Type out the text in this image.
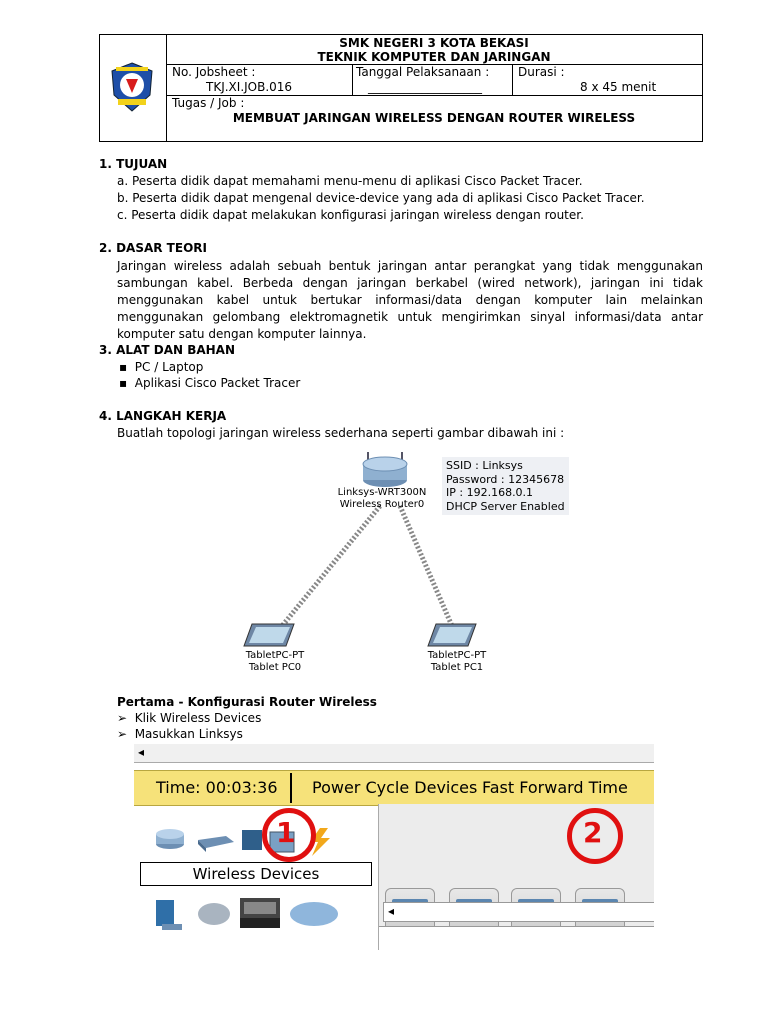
SMK NEGERI 3 KOTA BEKASI
TEKNIK KOMPUTER DAN JARINGAN
No. Jobsheet :
TKJ.XI.JOB.016
Tanggal Pelaksanaan :
___________________
Durasi :
8 x 45 menit
Tugas / Job :
MEMBUAT JARINGAN WIRELESS DENGAN ROUTER WIRELESS
1. TUJUAN
a. Peserta didik dapat memahami menu-menu di aplikasi Cisco Packet Tracer.
b. Peserta didik dapat mengenal device-device yang ada di aplikasi Cisco Packet Tracer.
c. Peserta didik dapat melakukan konfigurasi jaringan wireless dengan router.
2. DASAR TEORI
Jaringan wireless adalah sebuah bentuk jaringan antar perangkat yang tidak menggunakan sambungan kabel. Berbeda dengan jaringan berkabel (wired network), jaringan ini tidak menggunakan kabel untuk bertukar informasi/data dengan komputer lain melainkan menggunakan gelombang elektromagnetik untuk mengirimkan sinyal informasi/data antar komputer satu dengan komputer lainnya.
3. ALAT DAN BAHAN
▪ PC / Laptop
▪ Aplikasi Cisco Packet Tracer
4. LANGKAH KERJA
Buatlah topologi jaringan wireless sederhana seperti gambar dibawah ini :
Linksys-WRT300N
Wireless Router0
SSID : Linksys
Password : 12345678
IP : 192.168.0.1
DHCP Server Enabled
TabletPC-PT
Tablet PC0
TabletPC-PT
Tablet PC1
Pertama - Konfigurasi Router Wireless
➢ Klik Wireless Devices
➢ Masukkan Linksys
◂
Time: 00:03:36 Power Cycle Devices Fast Forward Time
1
Wireless Devices
2
◂
